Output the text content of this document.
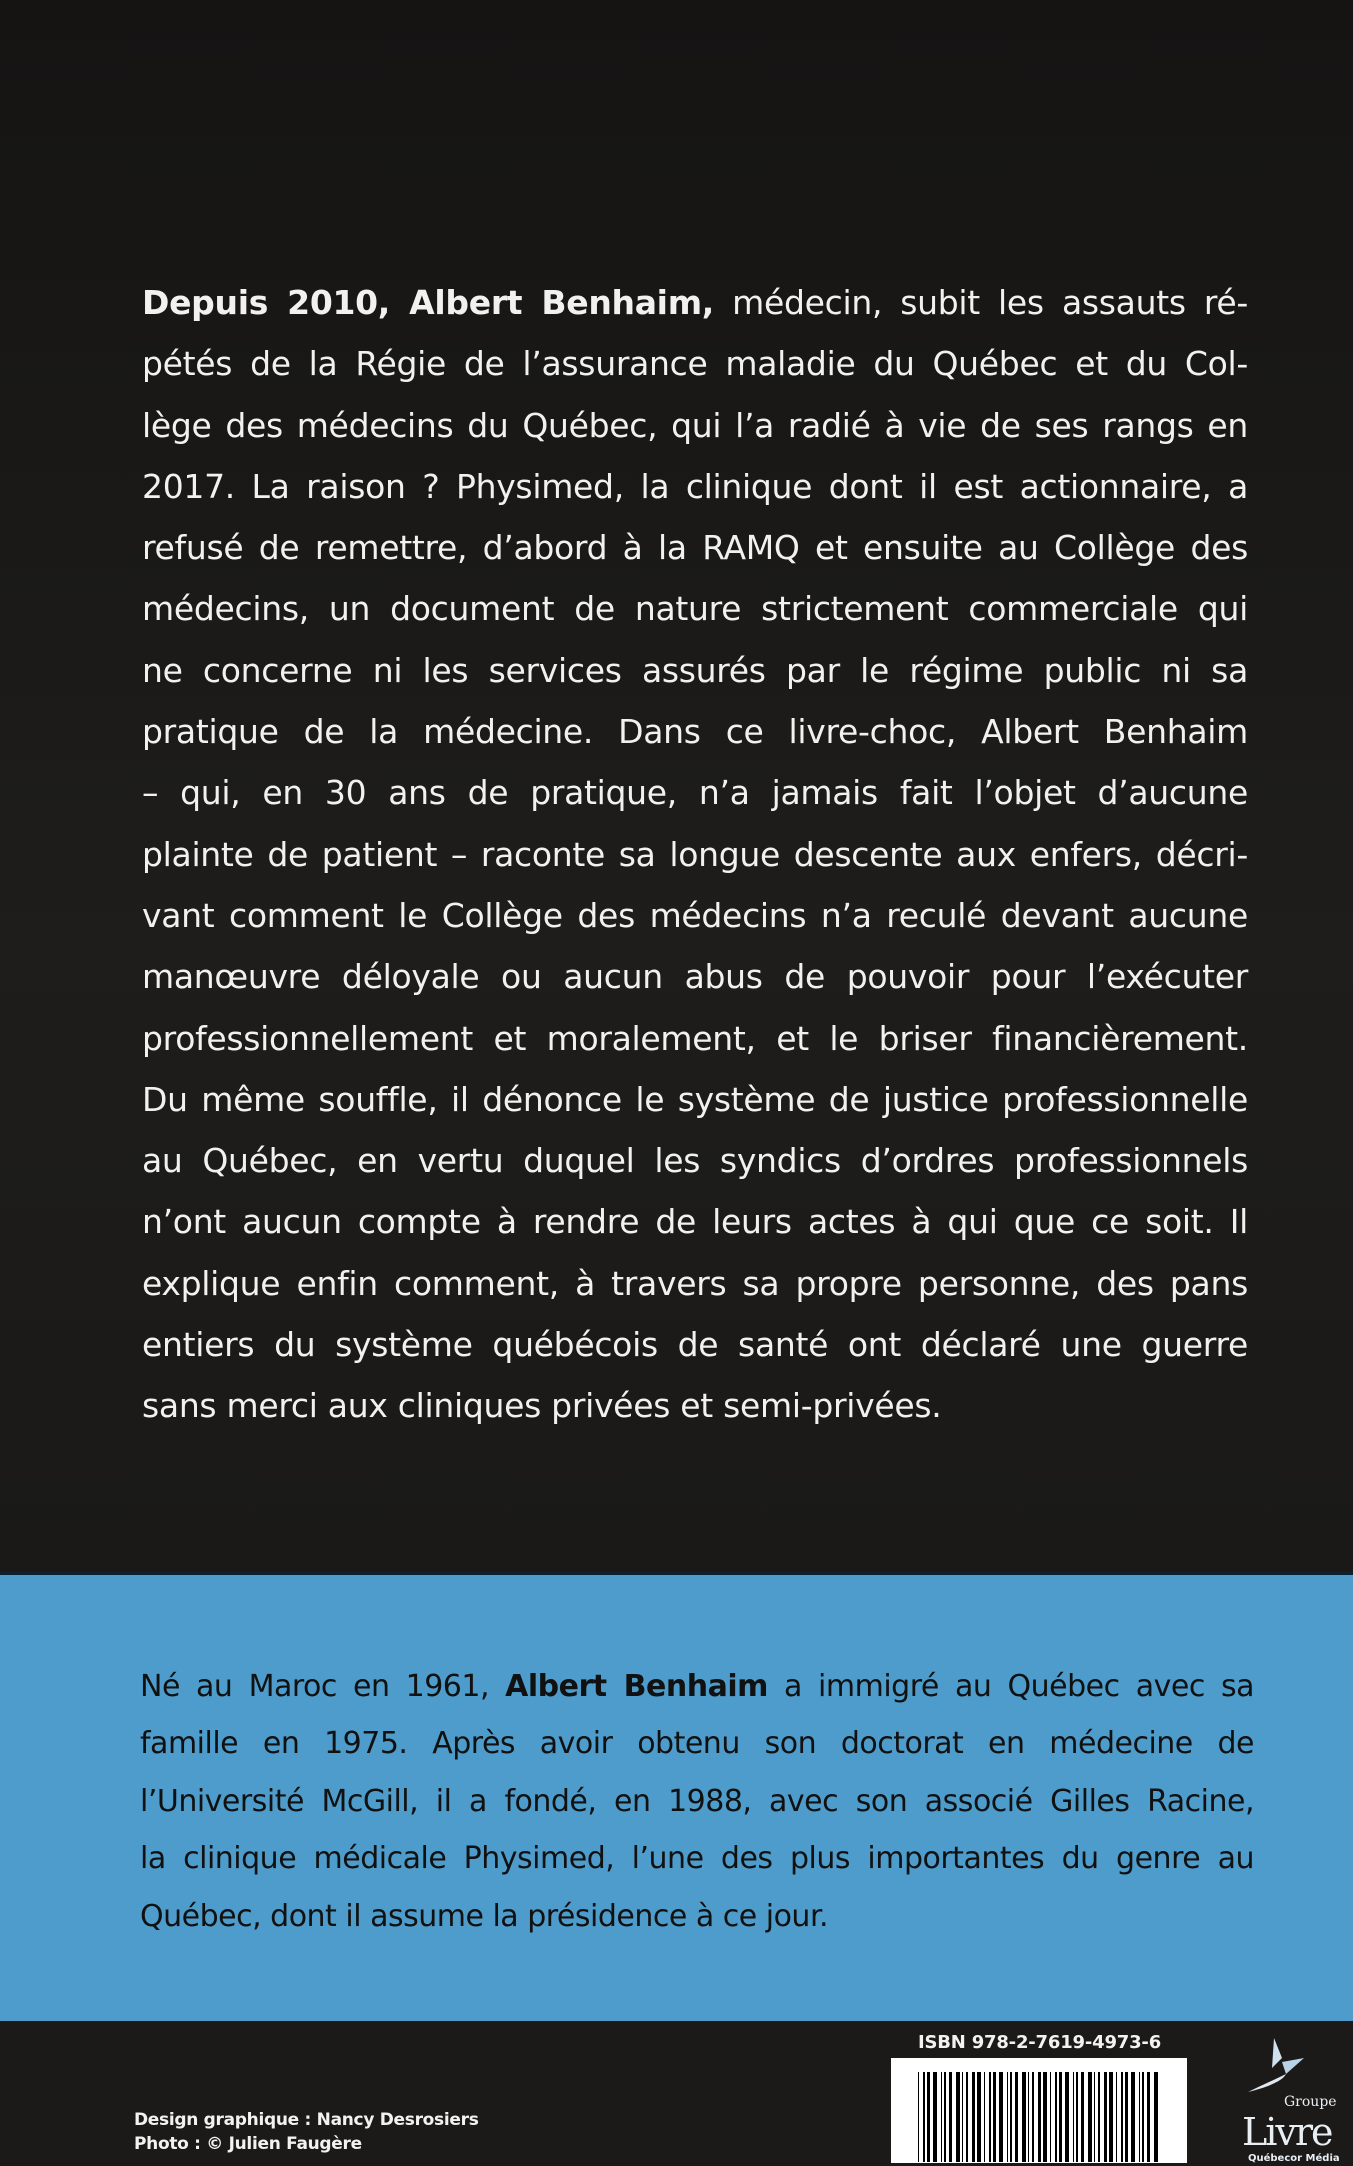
Depuis 2010, Albert Benhaim, médecin, subit les assauts ré-
pétés de la Régie de l’assurance maladie du Québec et du Col-
lège des médecins du Québec, qui l’a radié à vie de ses rangs en
2017. La raison ? Physimed, la clinique dont il est actionnaire, a
refusé de remettre, d’abord à la RAMQ et ensuite au Collège des
médecins, un document de nature strictement commerciale qui
ne concerne ni les services assurés par le régime public ni sa
pratique de la médecine. Dans ce livre-choc, Albert Benhaim
– qui, en 30 ans de pratique, n’a jamais fait l’objet d’aucune
plainte de patient – raconte sa longue descente aux enfers, décri-
vant comment le Collège des médecins n’a reculé devant aucune
manœuvre déloyale ou aucun abus de pouvoir pour l’exécuter
professionnellement et moralement, et le briser financièrement.
Du même souffle, il dénonce le système de justice professionnelle
au Québec, en vertu duquel les syndics d’ordres professionnels
n’ont aucun compte à rendre de leurs actes à qui que ce soit. Il
explique enfin comment, à travers sa propre personne, des pans
entiers du système québécois de santé ont déclaré une guerre
sans merci aux cliniques privées et semi-privées.
Né au Maroc en 1961, Albert Benhaim a immigré au Québec avec sa
famille en 1975. Après avoir obtenu son doctorat en médecine de
l’Université McGill, il a fondé, en 1988, avec son associé Gilles Racine,
la clinique médicale Physimed, l’une des plus importantes du genre au
Québec, dont il assume la présidence à ce jour.
Design graphique : Nancy Desrosiers
Photo : © Julien Faugère
ISBN 978-2-7619-4973-6
Groupe
Livre
Québecor Média
